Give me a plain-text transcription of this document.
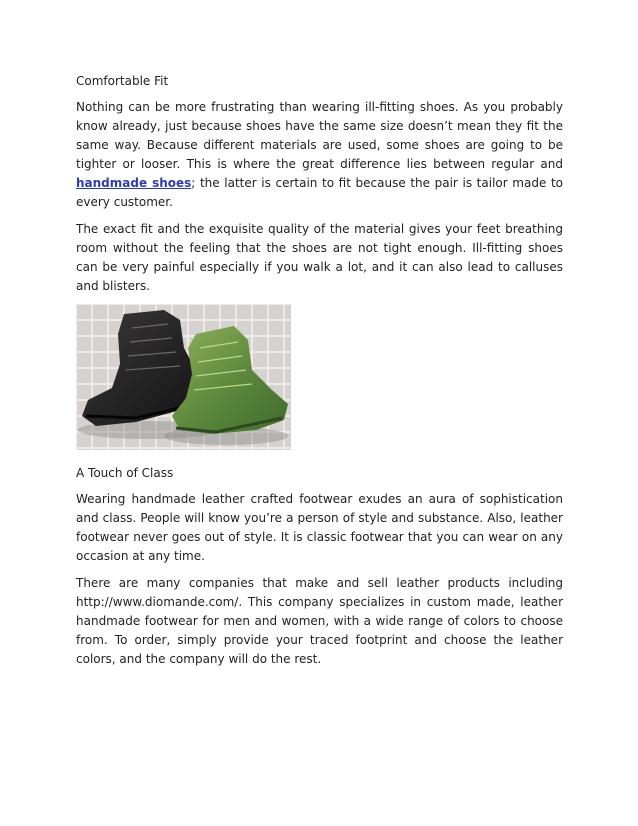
Comfortable Fit

Nothing can be more frustrating than wearing ill-fitting shoes. As you probably know already, just because shoes have the same size doesn’t mean they fit the same way. Because different materials are used, some shoes are going to be tighter or looser. This is where the great difference lies between regular and handmade shoes; the latter is certain to fit because the pair is tailor made to every customer.

The exact fit and the exquisite quality of the material gives your feet breathing room without the feeling that the shoes are not tight enough. Ill-fitting shoes can be very painful especially if you walk a lot, and it can also lead to calluses and blisters.

A Touch of Class

Wearing handmade leather crafted footwear exudes an aura of sophistication and class. People will know you’re a person of style and substance. Also, leather footwear never goes out of style. It is classic footwear that you can wear on any occasion at any time.

There are many companies that make and sell leather products including http://www.diomande.com/. This company specializes in custom made, leather handmade footwear for men and women, with a wide range of colors to choose from. To order, simply provide your traced footprint and choose the leather colors, and the company will do the rest.
